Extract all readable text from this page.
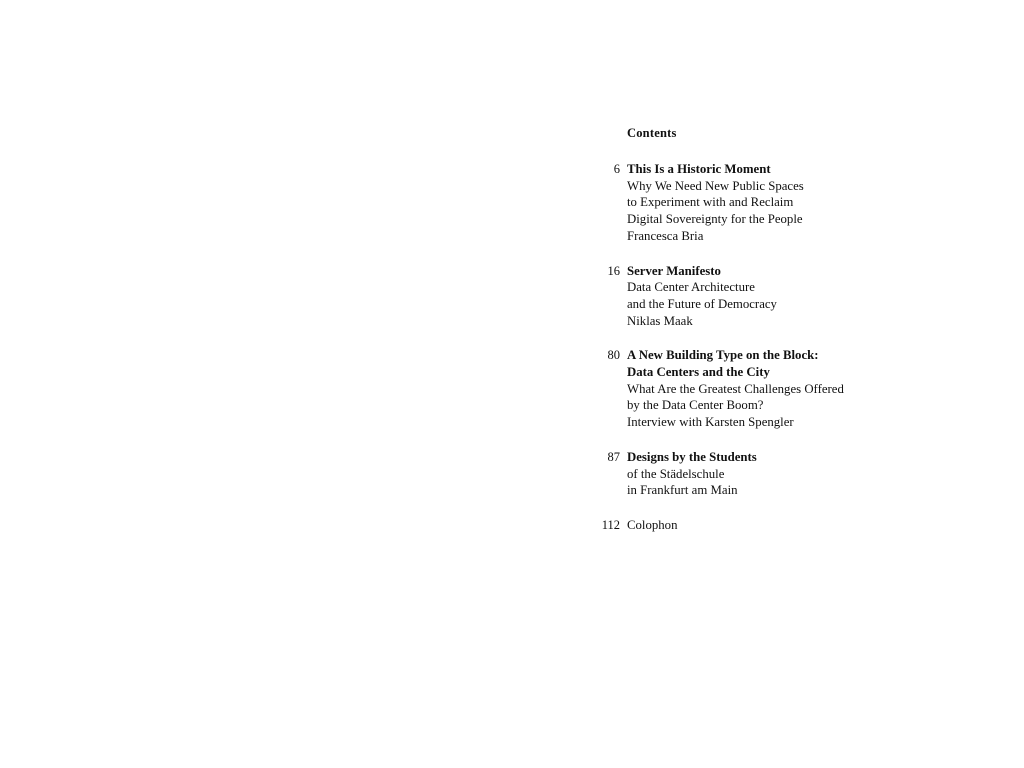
Contents
6 This Is a Historic Moment
Why We Need New Public Spaces
to Experiment with and Reclaim
Digital Sovereignty for the People
Francesca Bria
16 Server Manifesto
Data Center Architecture
and the Future of Democracy
Niklas Maak
80 A New Building Type on the Block:
Data Centers and the City
What Are the Greatest Challenges Offered
by the Data Center Boom?
Interview with Karsten Spengler
87 Designs by the Students
of the Städelschule
in Frankfurt am Main
112 Colophon
